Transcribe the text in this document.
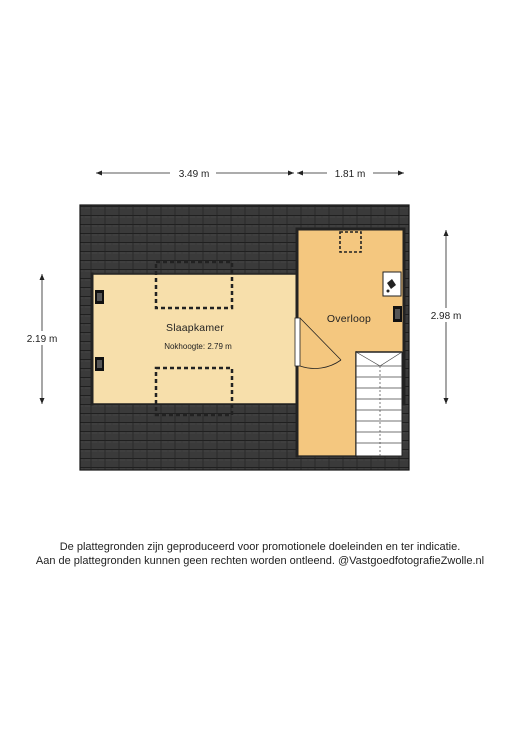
3.49 m	1.81 m
2.19 m
2.98 m
Slaapkamer
Nokhoogte: 2.79 m
Overloop
De plattegronden zijn geproduceerd voor promotionele doeleinden en ter indicatie.
Aan de plattegronden kunnen geen rechten worden ontleend. @VastgoedfotografieZwolle.nl
